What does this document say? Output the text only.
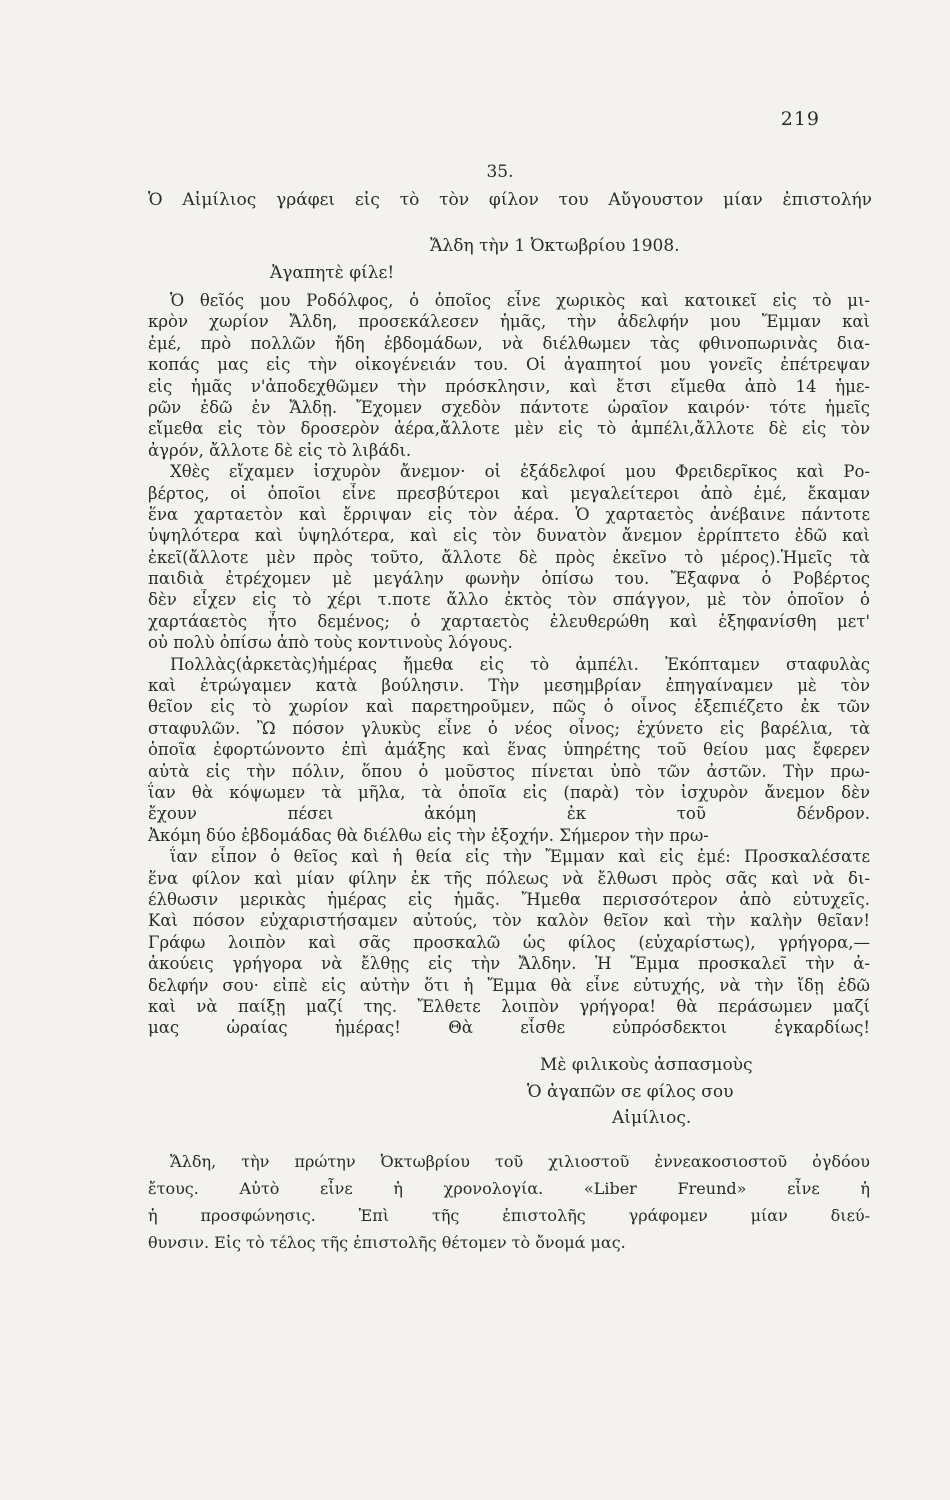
219
35.
Ὁ Αἰμίλιος γράφει εἰς τὸ τὸν φίλον του Αὔγουστον μίαν ἐπιστολήν
Ἄλδη τὴν 1 Ὀκτωβρίου 1908.
Ἀγαπητὲ φίλε!
Ὁ θεῖός μου Ροδόλφος, ὁ ὁποῖος εἶνε χωρικὸς καὶ κατοικεῖ εἰς τὸ μι-
κρὸν χωρίον Ἄλδη, προσεκάλεσεν ἡμᾶς, τὴν ἀδελφήν μου Ἔμμαν καὶ
ἐμέ, πρὸ πολλῶν ἤδη ἑβδομάδων, νὰ διέλθωμεν τὰς φθινοπωρινὰς δια-
κοπάς μας εἰς τὴν οἰκογένειάν του. Οἱ ἀγαπητοί μου γονεῖς ἐπέτρεψαν
εἰς ἡμᾶς ν'ἀποδεχθῶμεν τὴν πρόσκλησιν, καὶ ἔτσι εἴμεθα ἀπὸ 14 ἡμε-
ρῶν ἐδῶ ἐν Ἄλδῃ. Ἔχομεν σχεδὸν πάντοτε ὡραῖον καιρόν· τότε ἡμεῖς
εἴμεθα εἰς τὸν δροσερὸν ἀέρα,ἄλλοτε μὲν εἰς τὸ ἀμπέλι,ἄλλοτε δὲ εἰς τὸν
ἀγρόν, ἄλλοτε δὲ εἰς τὸ λιβάδι.
Χθὲς εἴχαμεν ἰσχυρὸν ἄνεμον· οἱ ἐξάδελφοί μου Φρειδερῖκος καὶ Ρο-
βέρτος, οἱ ὁποῖοι εἶνε πρεσβύτεροι καὶ μεγαλείτεροι ἀπὸ ἐμέ, ἔκαμαν
ἕνα χαρταετὸν καὶ ἔρριψαν εἰς τὸν ἀέρα. Ὁ χαρταετὸς ἀνέβαινε πάντοτε
ὑψηλότερα καὶ ὑψηλότερα, καὶ εἰς τὸν δυνατὸν ἄνεμον ἐρρίπτετο ἐδῶ καὶ
ἐκεῖ(ἄλλοτε μὲν πρὸς τοῦτο, ἄλλοτε δὲ πρὸς ἐκεῖνο τὸ μέρος).Ἡμεῖς τὰ
παιδιὰ ἐτρέχομεν μὲ μεγάλην φωνὴν ὀπίσω του. Ἔξαφνα ὁ Ροβέρτος
δὲν εἶχεν εἰς τὸ χέρι τ.ποτε ἄλλο ἐκτὸς τὸν σπάγγον, μὲ τὸν ὁποῖον ὁ
χαρτάαετὸς ἦτο δεμένος; ὁ χαρταετὸς ἐλευθερώθη καὶ ἐξηφανίσθη μετ'
οὐ πολὺ ὀπίσω ἀπὸ τοὺς κοντινοὺς λόγους.
Πολλὰς(ἀρκετὰς)ἡμέρας ἤμεθα εἰς τὸ ἀμπέλι. Ἐκόπταμεν σταφυλὰς
καὶ ἐτρώγαμεν κατὰ βούλησιν. Τὴν μεσημβρίαν ἐπηγαίναμεν μὲ τὸν
θεῖον εἰς τὸ χωρίον καὶ παρετηροῦμεν, πῶς ὁ οἶνος ἐξεπιέζετο ἐκ τῶν
σταφυλῶν. Ὢ πόσον γλυκὺς εἶνε ὁ νέος οἶνος; ἐχύνετο εἰς βαρέλια, τὰ
ὁποῖα ἐφορτώνοντο ἐπὶ ἀμάξης καὶ ἕνας ὑπηρέτης τοῦ θείου μας ἔφερεν
αὐτὰ εἰς τὴν πόλιν, ὅπου ὁ μοῦστος πίνεται ὑπὸ τῶν ἀστῶν. Τὴν πρω-
ΐαν θὰ κόψωμεν τὰ μῆλα, τὰ ὁποῖα εἰς (παρὰ) τὸν ἰσχυρὸν ἄνεμον δὲν
ἔχουν πέσει ἀκόμη ἐκ τοῦ δένδρον.
Ἀκόμη δύο ἑβδομάδας θὰ διέλθω εἰς τὴν ἐξοχήν. Σήμερον τὴν πρω-
ΐαν εἶπον ὁ θεῖος καὶ ἡ θεία εἰς τὴν Ἔμμαν καὶ εἰς ἐμέ: Προσκαλέσατε
ἕνα φίλον καὶ μίαν φίλην ἐκ τῆς πόλεως νὰ ἔλθωσι πρὸς σᾶς καὶ νὰ δι-
έλθωσιν μερικὰς ἡμέρας εἰς ἡμᾶς. Ἤμεθα περισσότερον ἀπὸ εὐτυχεῖς.
Καὶ πόσον εὐχαριστήσαμεν αὐτούς, τὸν καλὸν θεῖον καὶ τὴν καλὴν θεῖαν!
Γράφω λοιπὸν καὶ σᾶς προσκαλῶ ὡς φίλος (εὐχαρίστως), γρήγορα,—
ἀκούεις γρήγορα νὰ ἔλθῃς εἰς τὴν Ἄλδην. Ἡ Ἔμμα προσκαλεῖ τὴν ἀ-
δελφήν σου· εἰπὲ εἰς αὐτὴν ὅτι ἡ Ἔμμα θὰ εἶνε εὐτυχής, νὰ τὴν ἴδῃ ἐδῶ
καὶ νὰ παίξῃ μαζί της. Ἔλθετε λοιπὸν γρήγορα! θὰ περάσωμεν μαζί
μας ὡραίας ἡμέρας! Θὰ εἶσθε εὐπρόσδεκτοι ἐγκαρδίως!
Μὲ φιλικοὺς ἀσπασμοὺς
Ὁ ἀγαπῶν σε φίλος σου
Αἰμίλιος.
Ἄλδη, τὴν πρώτην Ὀκτωβρίου τοῦ χιλιοστοῦ ἐννεακοσιοστοῦ ὀγδόου
ἔτους. Αὐτὸ εἶνε ἡ χρονολογία. «Liber Freund» εἶνε ἡ
ἡ προσφώνησις. Ἐπὶ τῆς ἐπιστολῆς γράφομεν μίαν διεύ-
θυνσιν. Εἰς τὸ τέλος τῆς ἐπιστολῆς θέτομεν τὸ ὄνομά μας.
